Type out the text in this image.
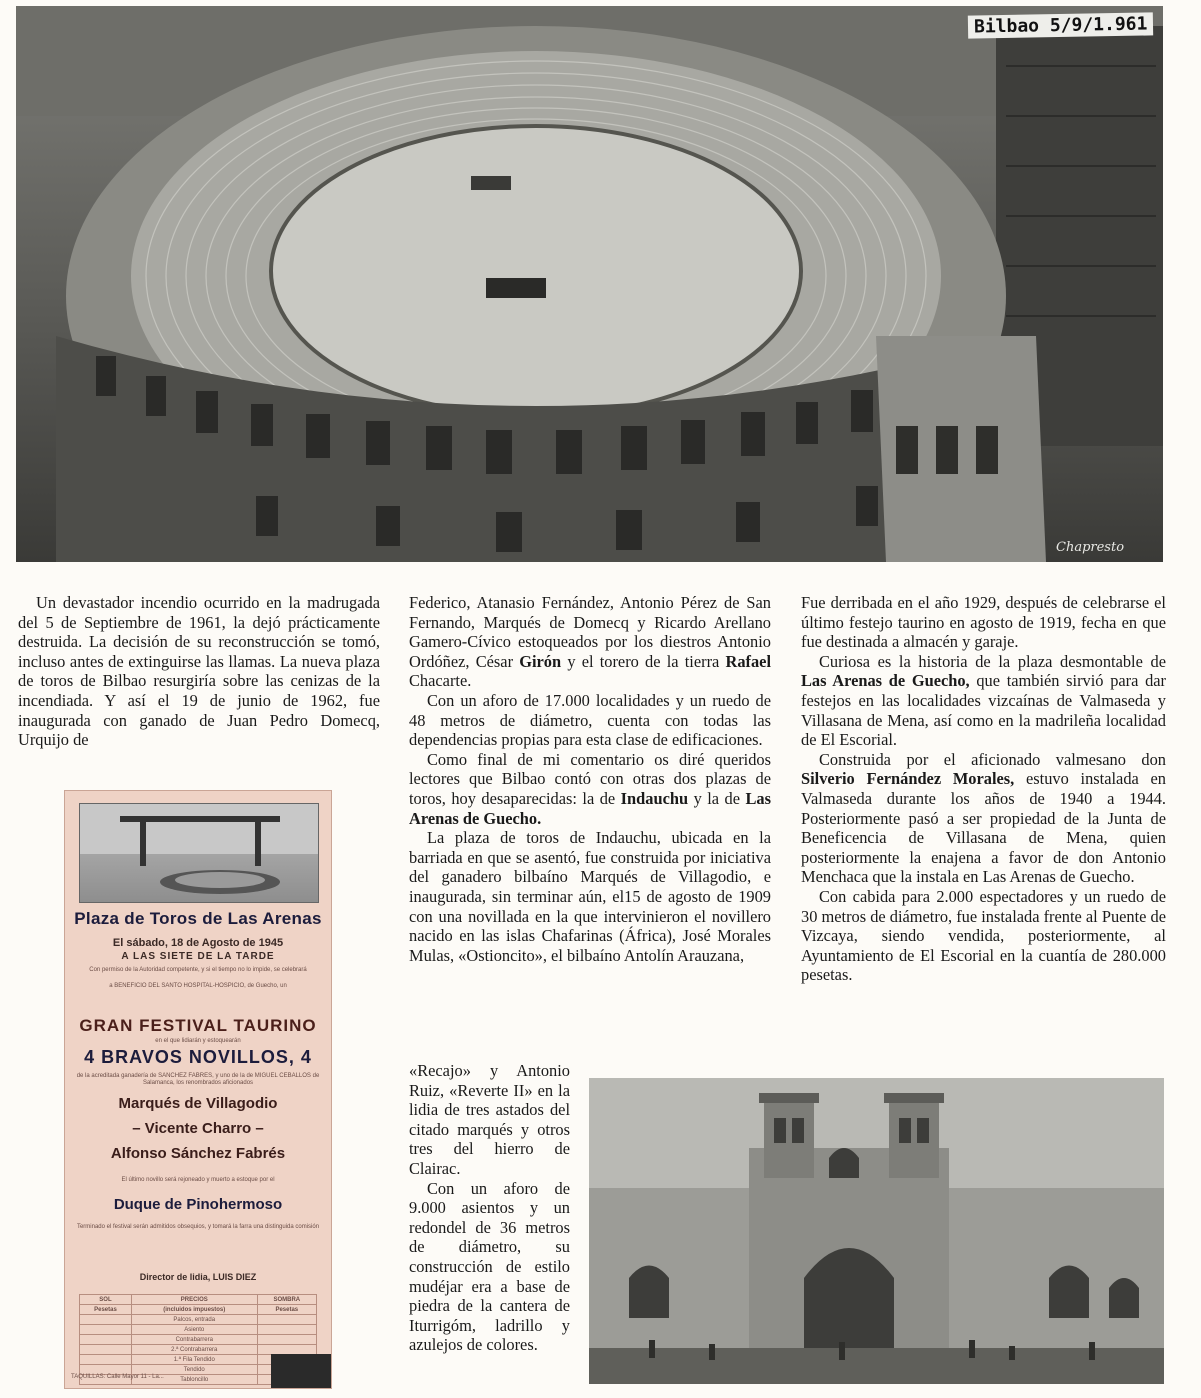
Chapresto
Bilbao 5/9/1.961

Un devastador incendio ocurrido en la madrugada del 5 de Septiembre de 1961, la dejó prácticamente destruida. La decisión de su reconstrucción se tomó, incluso antes de extinguirse las llamas. La nueva plaza de toros de Bilbao resurgiría sobre las cenizas de la incendiada. Y así el 19 de junio de 1962, fue inaugurada con ganado de Juan Pedro Domecq, Urquijo de

Plaza de Toros de Las Arenas
El sábado, 18 de Agosto de 1945
A LAS SIETE DE LA TARDE
Con permiso de la Autoridad competente, y si el tiempo no lo impide, se celebrará
a BENEFICIO DEL SANTO HOSPITAL-HOSPICIO, de Guecho, un
GRAN FESTIVAL TAURINO
en el que lidiarán y estoquearán
4 BRAVOS NOVILLOS, 4
de la acreditada ganadería de SANCHEZ FABRES, y uno de la de MIGUEL CEBALLOS de Salamanca, los renombrados aficionados
Marqués de Villagodio
– Vicente Charro –
Alfonso Sánchez Fabrés
El último novillo será rejoneado y muerto a estoque por el
Duque de Pinohermoso
Terminado el festival serán admitidos obsequios, y tomará la farra una distinguida comisión
Director de lidia, LUIS DIEZ
SOL	PRECIOS	SOMBRA
Pesetas	(incluidos impuestos)	Pesetas
	Palcos, entrada	
	Asiento	
	Contrabarrera	
	2.ª Contrabarrera	
	1.ª Fila Tendido	
	Tendido	
	Tabloncillo	
TAQUILLAS: Calle Mayor 11 - La...

Federico, Atanasio Fernández, Antonio Pérez de San Fernando, Marqués de Domecq y Ricardo Arellano Gamero-Cívico estoqueados por los diestros Antonio Ordóñez, César Girón y el torero de la tierra Rafael Chacarte.

Con un aforo de 17.000 localidades y un ruedo de 48 metros de diámetro, cuenta con todas las dependencias propias para esta clase de edificaciones.

Como final de mi comentario os diré queridos lectores que Bilbao contó con otras dos plazas de toros, hoy desaparecidas: la de Indauchu y la de Las Arenas de Guecho.

La plaza de toros de Indauchu, ubicada en la barriada en que se asentó, fue construida por iniciativa del ganadero bilbaíno Marqués de Villagodio, e inaugurada, sin terminar aún, el15 de agosto de 1909 con una novillada en la que intervinieron el novillero nacido en las islas Chafarinas (África), José Morales Mulas, «Ostioncito», el bilbaíno Antolín Arauzana,

«Recajo» y Antonio Ruiz, «Reverte II» en la lidia de tres astados del citado marqués y otros tres del hierro de Clairac.

Con un aforo de 9.000 asientos y un redondel de 36 metros de diámetro, su construcción de estilo mudéjar era a base de piedra de la cantera de Iturrigóm, ladrillo y azulejos de colores.

Fue derribada en el año 1929, después de celebrarse el último festejo taurino en agosto de 1919, fecha en que fue destinada a almacén y garaje.

Curiosa es la historia de la plaza desmontable de Las Arenas de Guecho, que también sirvió para dar festejos en las localidades vizcaínas de Valmaseda y Villasana de Mena, así como en la madrileña localidad de El Escorial.

Construida por el aficionado valmesano don Silverio Fernández Morales, estuvo instalada en Valmaseda durante los años de 1940 a 1944. Posteriormente pasó a ser propiedad de la Junta de Beneficencia de Villasana de Mena, quien posteriormente la enajena a favor de don Antonio Menchaca que la instala en Las Arenas de Guecho.

Con cabida para 2.000 espectadores y un ruedo de 30 metros de diámetro, fue instalada frente al Puente de Vizcaya, siendo vendida, posteriormente, al Ayuntamiento de El Escorial en la cuantía de 280.000 pesetas.
